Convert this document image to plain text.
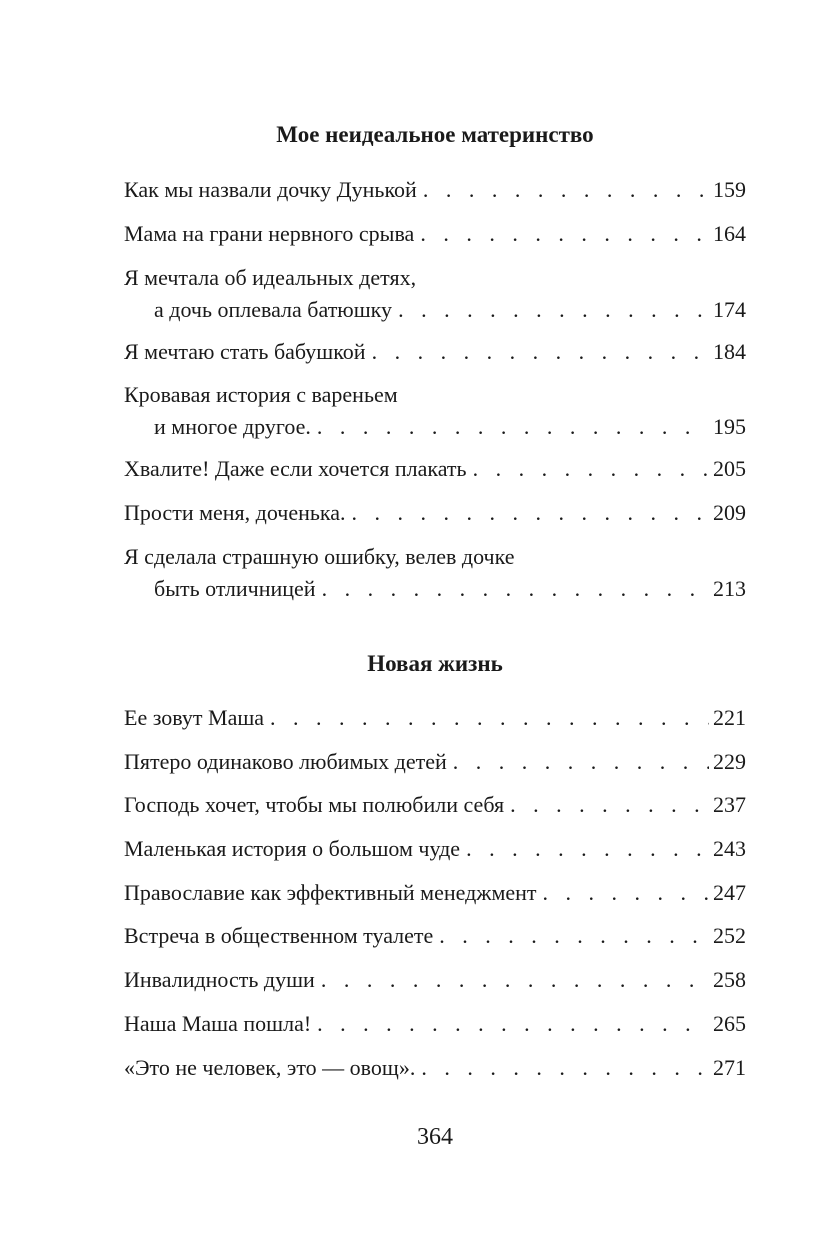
Мое неидеальное материнство
Как мы назвали дочку Дунькой . . .	159
Мама на грани нервного срыва . . .	164
Я мечтала об идеальных детях,
а дочь оплевала батюшку . . .	174
Я мечтаю стать бабушкой . . .	184
Кровавая история с вареньем
и многое другое. . . .	195
Хвалите! Даже если хочется плакать . . .	205
Прости меня, доченька. . . .	209
Я сделала страшную ошибку, велев дочке
быть отличницей . . .	213
Новая жизнь
Ее зовут Маша . . .	221
Пятеро одинаково любимых детей . . .	229
Господь хочет, чтобы мы полюбили себя . . .	237
Маленькая история о большом чуде . . .	243
Православие как эффективный менеджмент . . .	247
Встреча в общественном туалете . . .	252
Инвалидность души . . .	258
Наша Маша пошла! . . .	265
«Это не человек, это — овощ». . . .	271
364
